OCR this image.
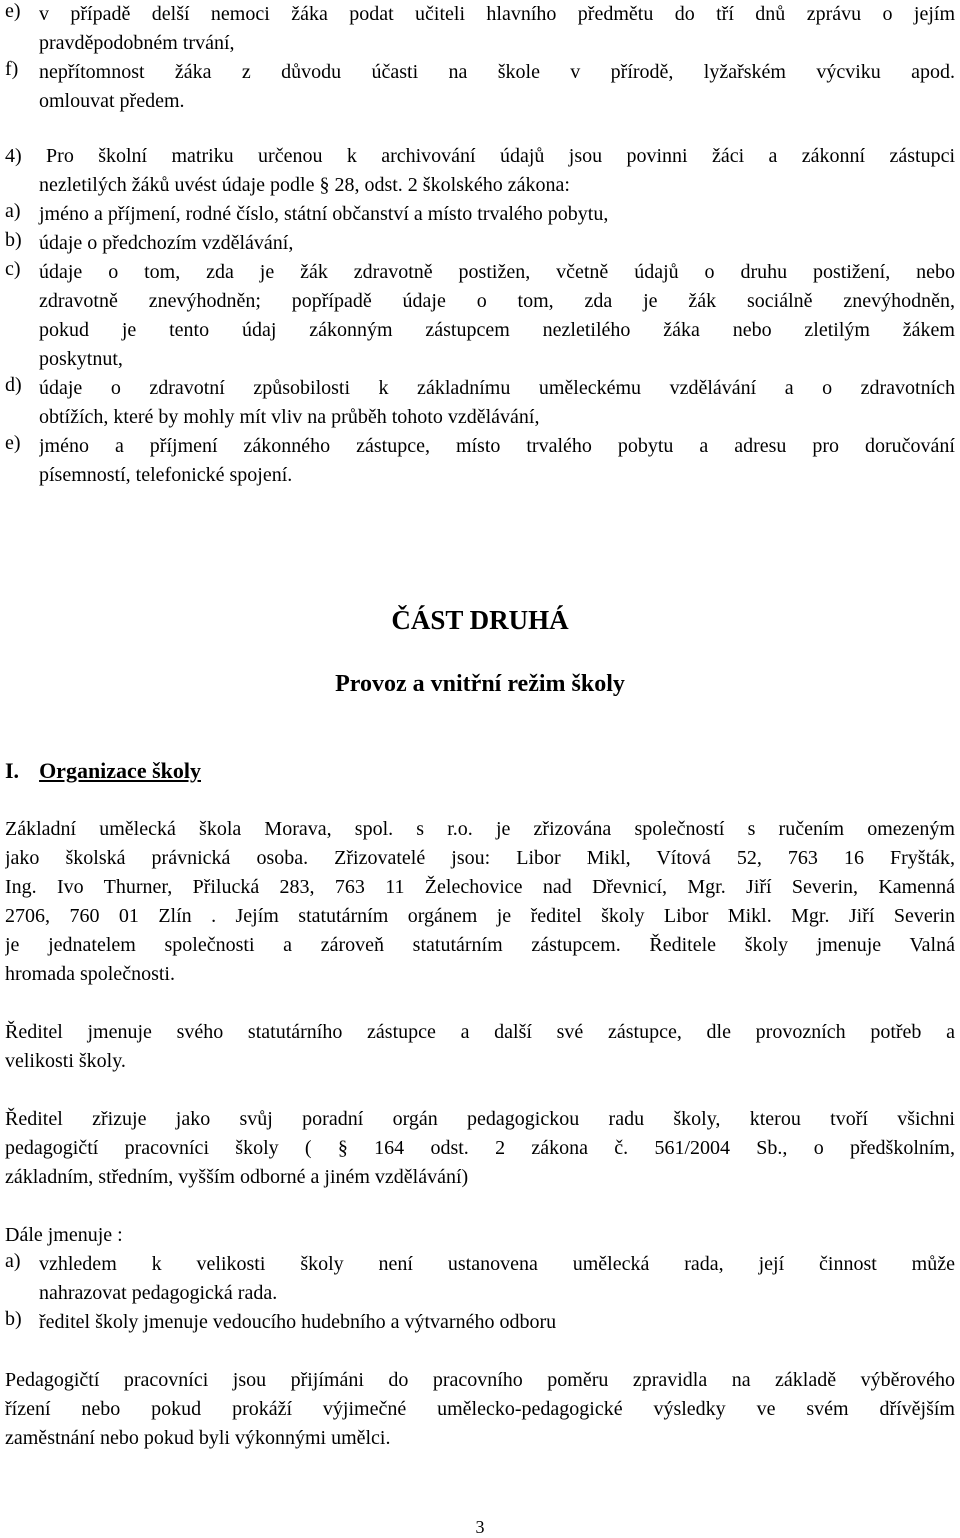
e) v případě delší nemoci žáka podat učiteli hlavního předmětu do tří dnů zprávu o jejím
pravděpodobném trvání,
f) nepřítomnost žáka z důvodu účasti na škole v přírodě, lyžařském výcviku apod.
omlouvat předem.
4) Pro školní matriku určenou k archivování údajů jsou povinni žáci a zákonní zástupci
nezletilých žáků uvést údaje podle § 28, odst. 2 školského zákona:
a) jméno a příjmení, rodné číslo, státní občanství a místo trvalého pobytu,
b) údaje o předchozím vzdělávání,
c) údaje o tom, zda je žák zdravotně postižen, včetně údajů o druhu postižení, nebo
zdravotně znevýhodněn; popřípadě údaje o tom, zda je žák sociálně znevýhodněn,
pokud je tento údaj zákonným zástupcem nezletilého žáka nebo zletilým žákem
poskytnut,
d) údaje o zdravotní způsobilosti k základnímu uměleckému vzdělávání a o zdravotních
obtížích, které by mohly mít vliv na průběh tohoto vzdělávání,
e) jméno a příjmení zákonného zástupce, místo trvalého pobytu a adresu pro doručování
písemností, telefonické spojení.
ČÁST DRUHÁ
Provoz a vnitřní režim školy
I. Organizace školy
Základní umělecká škola Morava, spol. s r.o. je zřizována společností s ručením omezeným
jako školská právnická osoba. Zřizovatelé jsou: Libor Mikl, Vítová 52, 763 16 Fryšták,
Ing. Ivo Thurner, Přilucká 283, 763 11 Želechovice nad Dřevnicí, Mgr. Jiří Severin, Kamenná
2706, 760 01 Zlín . Jejím statutárním orgánem je ředitel školy Libor Mikl. Mgr. Jiří Severin
je jednatelem společnosti a zároveň statutárním zástupcem. Ředitele školy jmenuje Valná
hromada společnosti.
Ředitel jmenuje svého statutárního zástupce a další své zástupce, dle provozních potřeb a
velikosti školy.
Ředitel zřizuje jako svůj poradní orgán pedagogickou radu školy, kterou tvoří všichni
pedagogičtí pracovníci školy ( § 164 odst. 2 zákona č. 561/2004 Sb., o předškolním,
základním, středním, vyšším odborné a jiném vzdělávání)
Dále jmenuje :
a) vzhledem k velikosti školy není ustanovena umělecká rada, její činnost může
nahrazovat pedagogická rada.
b) ředitel školy jmenuje vedoucího hudebního a výtvarného odboru
Pedagogičtí pracovníci jsou přijímáni do pracovního poměru zpravidla na základě výběrového
řízení nebo pokud prokáží výjimečné umělecko-pedagogické výsledky ve svém dřívějším
zaměstnání nebo pokud byli výkonnými umělci.
3
